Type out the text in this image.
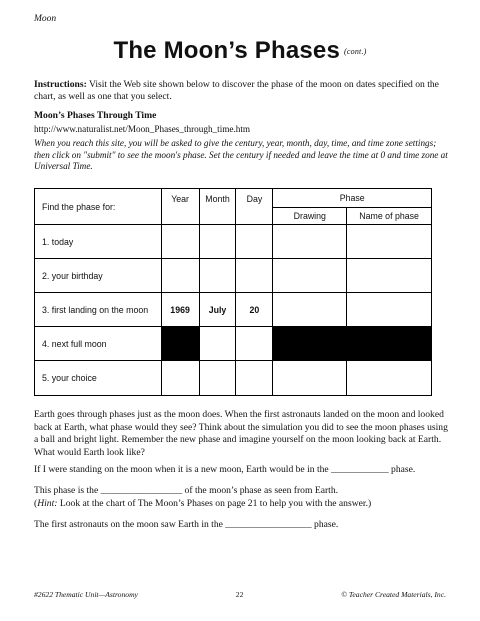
Moon
The Moon’s Phases (cont.)
Instructions: Visit the Web site shown below to discover the phase of the moon on dates specified on the chart, as well as one that you select.
Moon’s Phases Through Time
http://www.naturalist.net/Moon_Phases_through_time.htm
When you reach this site, you will be asked to give the century, year, month, day, time, and time zone settings; then click on "submit" to see the moon's phase. Set the century if needed and leave the time at 0 and time zone at Universal Time.
Find the phase for:	Year	Month	Day	Phase	
				Drawing	Name of phase
1. today					
2. your birthday					
3. first landing on the moon	1969	July	20		
4. next full moon					
5. your choice					
Earth goes through phases just as the moon does. When the first astronauts landed on the moon and looked back at Earth, what phase would they see? Think about the simulation you did to see the moon phases using a ball and bright light. Remember the new phase and imagine yourself on the moon looking back at Earth. What would Earth look like?
If I were standing on the moon when it is a new moon, Earth would be in the ____________ phase.
This phase is the _________________ of the moon’s phase as seen from Earth.
(Hint: Look at the chart of The Moon’s Phases on page 21 to help you with the answer.)
The first astronauts on the moon saw Earth in the __________________ phase.
#2622 Thematic Unit—Astronomy	22	© Teacher Created Materials, Inc.
